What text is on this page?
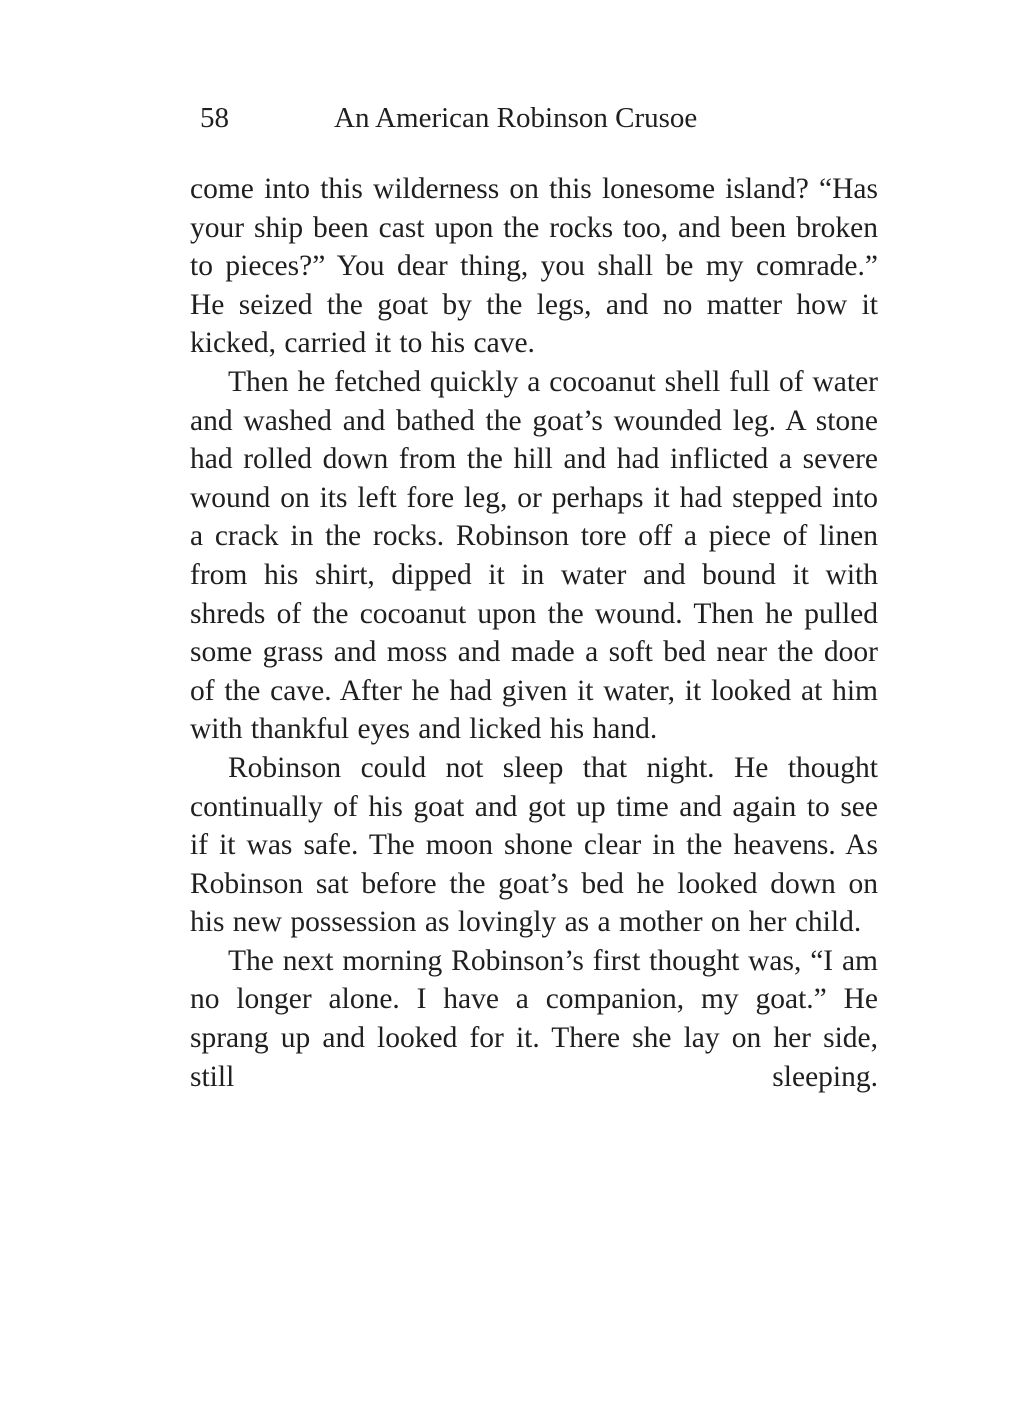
58	An American Robinson Crusoe

come into this wilderness on this lonesome island? “Has your ship been cast upon the rocks too, and been broken to pieces?” You dear thing, you shall be my comrade.” He seized the goat by the legs, and no matter how it kicked, carried it to his cave.

Then he fetched quickly a cocoanut shell full of water and washed and bathed the goat’s wounded leg. A stone had rolled down from the hill and had inflicted a severe wound on its left fore leg, or perhaps it had stepped into a crack in the rocks. Robinson tore off a piece of linen from his shirt, dipped it in water and bound it with shreds of the cocoanut upon the wound. Then he pulled some grass and moss and made a soft bed near the door of the cave. After he had given it water, it looked at him with thankful eyes and licked his hand.

Robinson could not sleep that night. He thought continually of his goat and got up time and again to see if it was safe. The moon shone clear in the heavens. As Robinson sat before the goat’s bed he looked down on his new possession as lovingly as a mother on her child.

The next morning Robinson’s first thought was, “I am no longer alone. I have a companion, my goat.” He sprang up and looked for it. There she lay on her side, still sleeping.
